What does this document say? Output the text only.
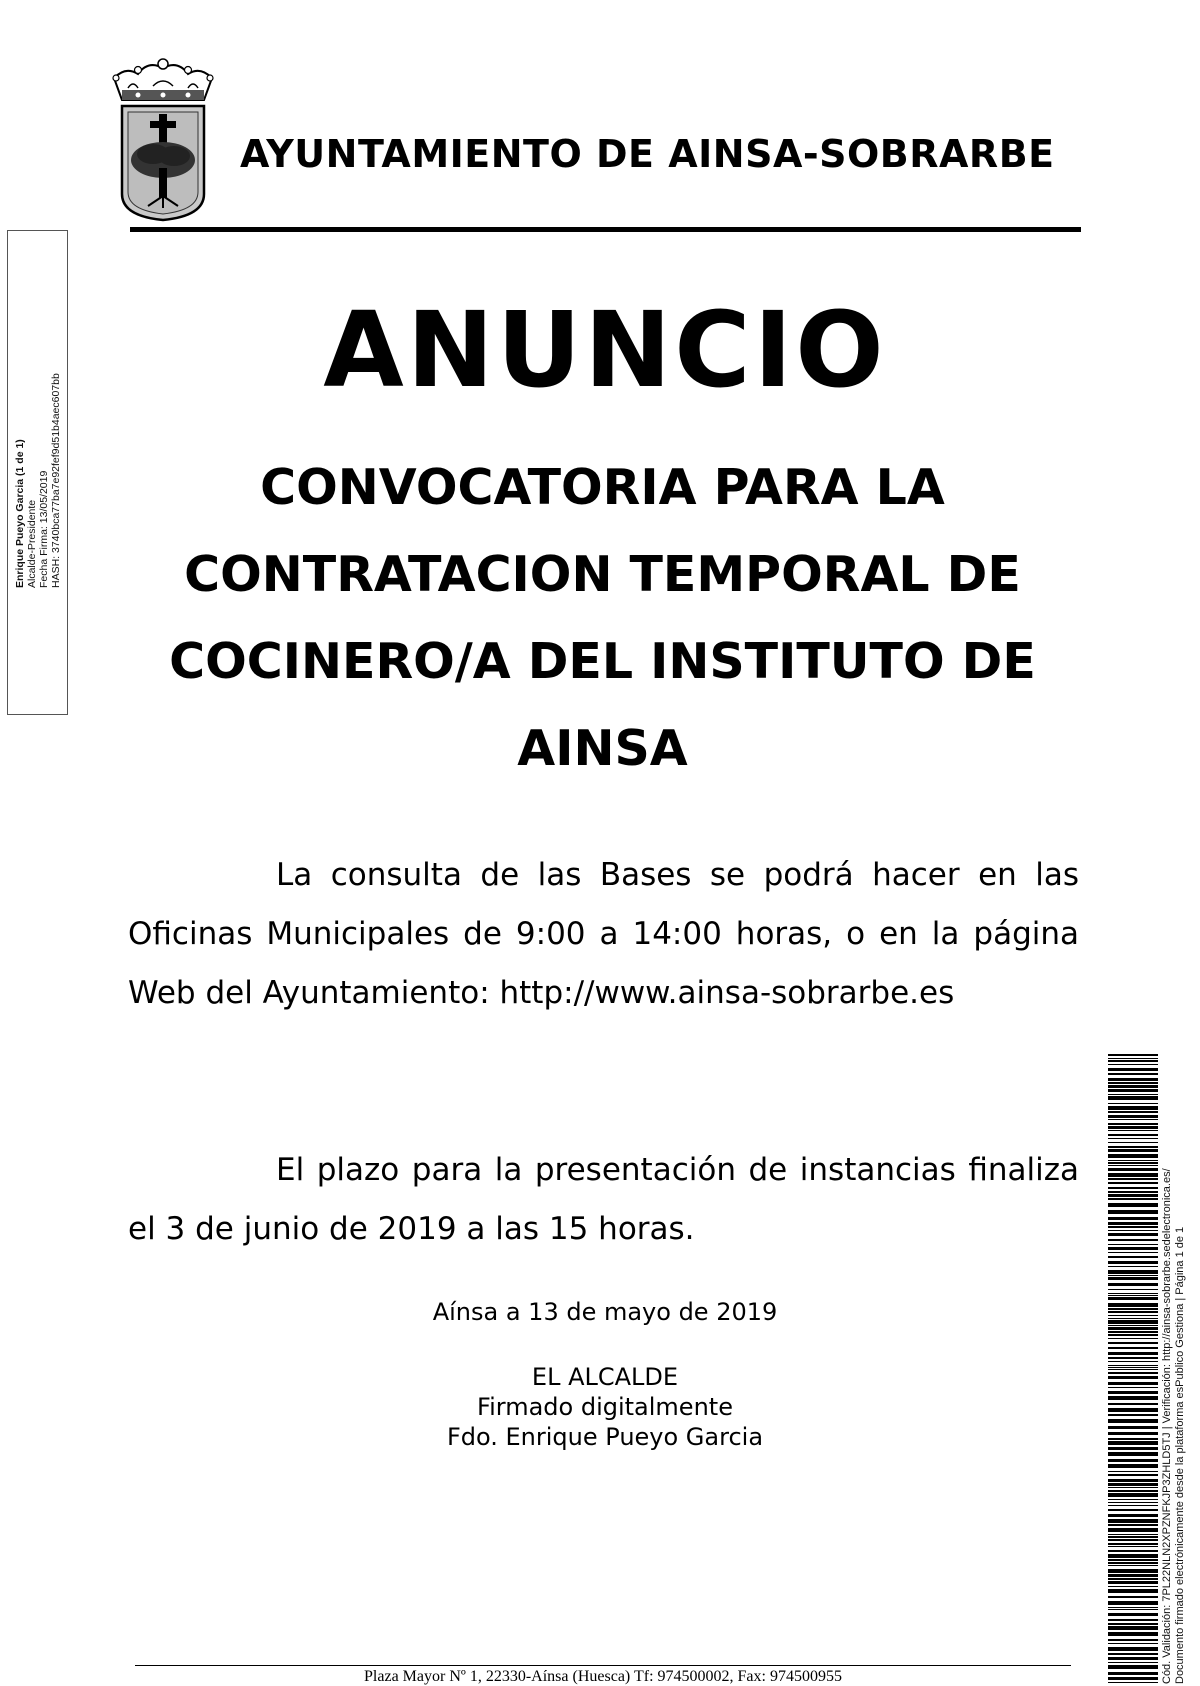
AYUNTAMIENTO DE AINSA-SOBRARBE
Enrique Pueyo Garcia (1 de 1) Alcalde-Presidente Fecha Firma: 13/05/2019 HASH: 3740bca77ba7e92fef9d51b4aec607bb
ANUNCIO
CONVOCATORIA PARA LA
CONTRATACION TEMPORAL DE
COCINERO/A DEL INSTITUTO DE
AINSA
La consulta de las Bases se podrá hacer en las Oficinas Municipales de 9:00 a 14:00 horas, o en la página Web del Ayuntamiento: http://www.ainsa-sobrarbe.es
El plazo para la presentación de instancias finaliza el 3 de junio de 2019 a las 15 horas.
Aínsa a 13 de mayo de 2019
EL ALCALDE
Firmado digitalmente
Fdo. Enrique Pueyo Garcia
Plaza Mayor Nº 1, 22330-Aínsa (Huesca) Tf: 974500002, Fax: 974500955	Cód. Validación: 7PL22NLN2XPZNFKJP3ZHLD5TJ | Verificación: http://ainsa-sobrarbe.sedelectronica.es/ Documento firmado electrónicamente desde la plataforma esPublico Gestiona | Página 1 de 1
